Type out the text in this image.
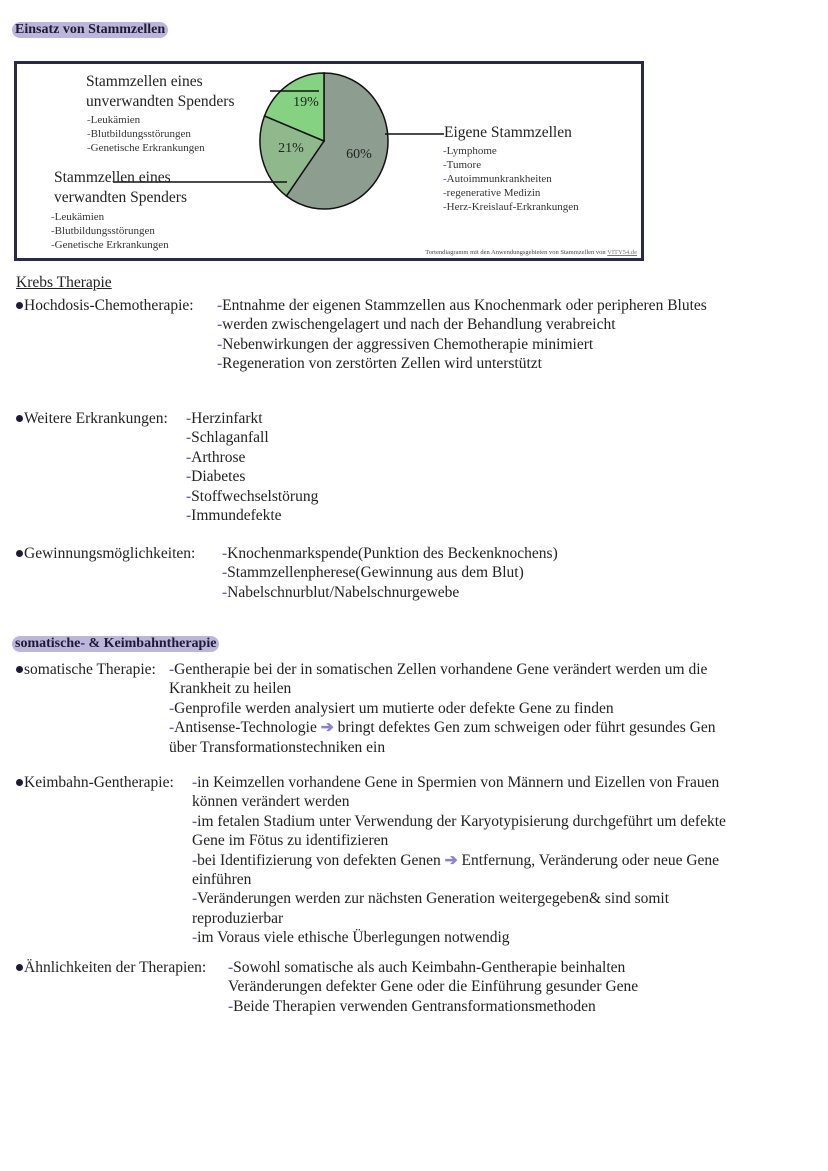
Einsatz von Stammzellen
60%
21%
19%
Stammzellen eines
unverwandten Spenders
-Leukämien
-Blutbildungsstörungen
-Genetische Erkrankungen
Stammzellen eines
verwandten Spenders
-Leukämien
-Blutbildungsstörungen
-Genetische Erkrankungen
Eigene Stammzellen
-Lymphome
-Tumore
-Autoimmunkrankheiten
-regenerative Medizin
-Herz-Kreislauf-Erkrankungen
Tortendiagramm mit den Anwendungsgebieten von Stammzellen von VITY54.de
Krebs Therapie
somatische- & Keimbahntherapie
Hochdosis-Chemotherapie: -Entnahme der eigenen Stammzellen aus Knochenmark oder peripheren Blutes
-werden zwischengelagert und nach der Behandlung verabreicht
-Nebenwirkungen der aggressiven Chemotherapie minimiert
-Regeneration von zerstörten Zellen wird unterstützt
Weitere Erkrankungen: -Herzinfarkt
-Schlaganfall
-Arthrose
-Diabetes
-Stoffwechselstörung
-Immundefekte
Gewinnungsmöglichkeiten: -Knochenmarkspende(Punktion des Beckenknochens)
-Stammzellenpherese(Gewinnung aus dem Blut)
-Nabelschnurblut/Nabelschnurgewebe
somatische Therapie: -Gentherapie bei der in somatischen Zellen vorhandene Gene verändert werden um die
Krankheit zu heilen
-Genprofile werden analysiert um mutierte oder defekte Gene zu finden
-Antisense-Technologie ➔ bringt defektes Gen zum schweigen oder führt gesundes Gen
über Transformationstechniken ein
Keimbahn-Gentherapie: -in Keimzellen vorhandene Gene in Spermien von Männern und Eizellen von Frauen
können verändert werden
-im fetalen Stadium unter Verwendung der Karyotypisierung durchgeführt um defekte
Gene im Fötus zu identifizieren
-bei Identifizierung von defekten Genen ➔ Entfernung, Veränderung oder neue Gene
einführen
-Veränderungen werden zur nächsten Generation weitergegeben& sind somit
reproduzierbar
-im Voraus viele ethische Überlegungen notwendig
Ähnlichkeiten der Therapien: -Sowohl somatische als auch Keimbahn-Gentherapie beinhalten
Veränderungen defekter Gene oder die Einführung gesunder Gene
-Beide Therapien verwenden Gentransformationsmethoden
